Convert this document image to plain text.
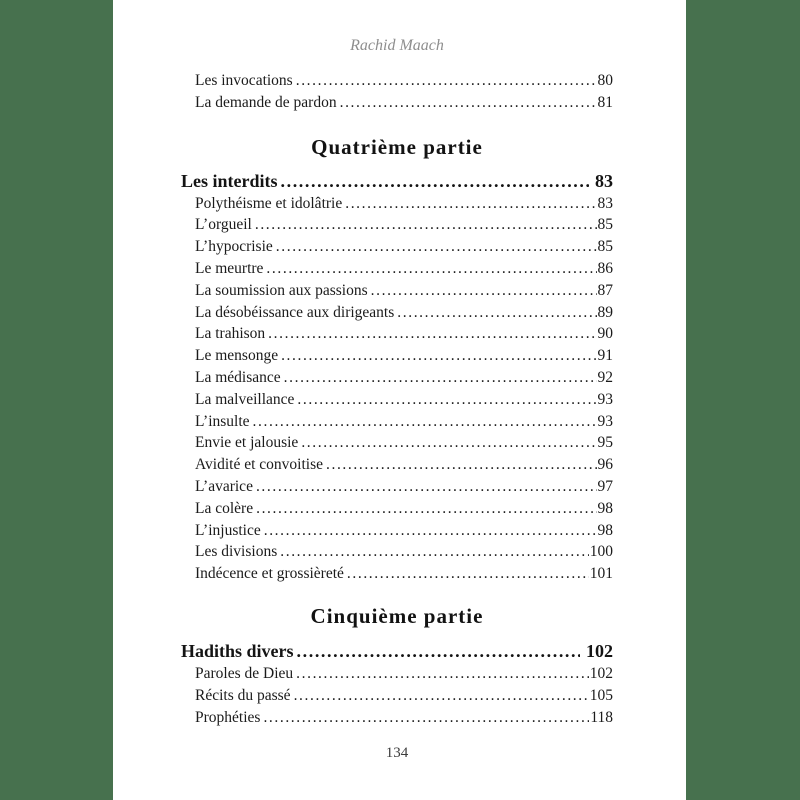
Rachid Maach
Les invocations .....	80
La demande de pardon .....	81
Quatrième partie
Les interdits .....	83
Polythéisme et idolâtrie .....	83
L’orgueil .....	85
L’hypocrisie .....	85
Le meurtre .....	86
La soumission aux passions .....	87
La désobéissance aux dirigeants .....	89
La trahison .....	90
Le mensonge .....	91
La médisance .....	92
La malveillance .....	93
L’insulte .....	93
Envie et jalousie .....	95
Avidité et convoitise .....	96
L’avarice .....	97
La colère .....	98
L’injustice .....	98
Les divisions .....	100
Indécence et grossièreté .....	101
Cinquième partie
Hadiths divers .....	102
Paroles de Dieu .....	102
Récits du passé .....	105
Prophéties .....	118
134
